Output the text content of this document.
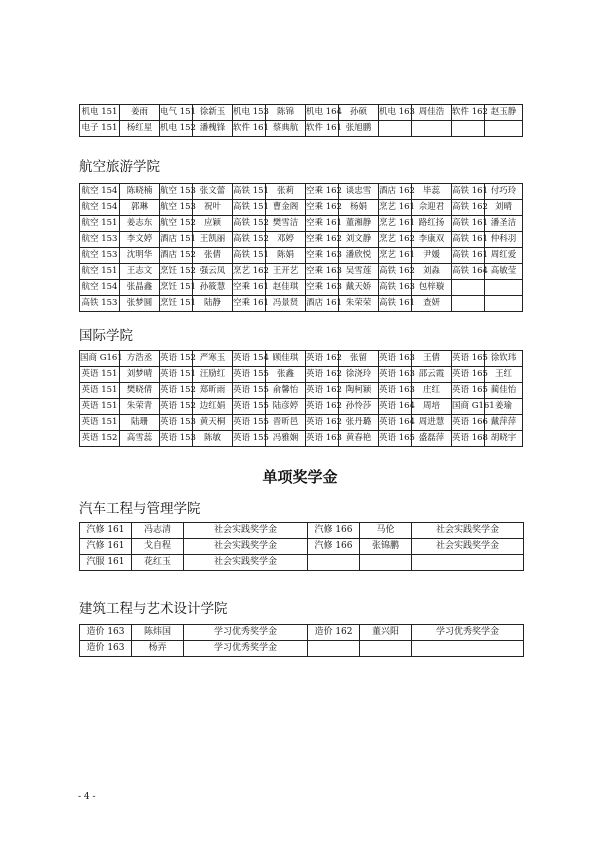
机电 151	姜雨	电气 151	徐新玉	机电 153	陈锦	机电 164	孙硕	机电 163	周佳浩	软件 162	赵玉静
电子 151	杨红星	机电 152	潘槐锋	软件 161	蔡典航	软件 161	张旭鹏				
航空旅游学院
航空 154	陈晓楠	航空 153	张文蕾	高铁 151	张莉	空乘 162	谈忠雪	酒店 162	毕蕊	高铁 161	付巧玲
航空 154	郭琳	航空 153	祝叶	高铁 151	曹金阁	空乘 162	杨娟	烹艺 161	佘迎君	高铁 162	刘晴
航空 151	姜志东	航空 152	应颖	高铁 152	樊雪洁	空乘 161	董湘静	烹艺 161	路红扬	高铁 161	潘圣洁
航空 153	李文婷	酒店 151	王凯丽	高铁 152	邓婷	空乘 162	刘文静	烹艺 162	李康双	高铁 161	仲科羽
航空 153	沈明华	酒店 152	张倩	高铁 151	陈娟	空乘 163	潘欣悦	烹艺 161	尹媛	高铁 161	周红爱
航空 151	王志文	烹饪 152	强云凤	烹艺 162	王开艺	空乘 163	吴雪莲	高铁 162	刘淼	高铁 164	高敏莹
航空 154	张晶鑫	烹饪 151	孙筱慧	空乘 161	赵佳琪	空乘 163	戴天娇	高铁 163	包梓璇		
高铁 153	张梦圆	烹饪 151	陆静	空乘 161	冯景贤	酒店 161	朱荣荣	高铁 161	查妍		
国际学院
国商 G161	方浩丞	英语 152	严寒玉	英语 154	顾佳琪	英语 162	张留	英语 163	王倩	英语 165	徐钦玮
英语 151	刘梦晴	英语 151	汪励红	英语 155	张鑫	英语 162	徐浇玲	英语 163	邵云霞	英语 165	王红
英语 151	樊晓倩	英语 152	郑昕雨	英语 155	俞馨怡	英语 162	陶柯颖	英语 163	庄红	英语 165	蔺佳怡
英语 151	朱荣青	英语 152	边红娟	英语 155	陆彦婷	英语 162	孙怜莎	英语 164	周培	国商 G161	姜瑜
英语 151	陆珊	英语 153	黄天桐	英语 155	晋昕邑	英语 162	张丹璐	英语 164	周进慧	英语 166	戴萍萍
英语 152	高雪蕊	英语 153	陈敏	英语 155	冯雅娴	英语 163	黄春艳	英语 165	盛磊萍	英语 168	胡晓宇
单项奖学金
汽车工程与管理学院
汽修 161	冯志清	社会实践奖学金	汽修 166	马伦	社会实践奖学金
汽修 161	戈自程	社会实践奖学金	汽修 166	张锦鹏	社会实践奖学金
汽服 161	花红玉	社会实践奖学金			
建筑工程与艺术设计学院
造价 163	陈炜国	学习优秀奖学金	造价 162	董兴阳	学习优秀奖学金
造价 163	杨弄	学习优秀奖学金			
- 4 -
